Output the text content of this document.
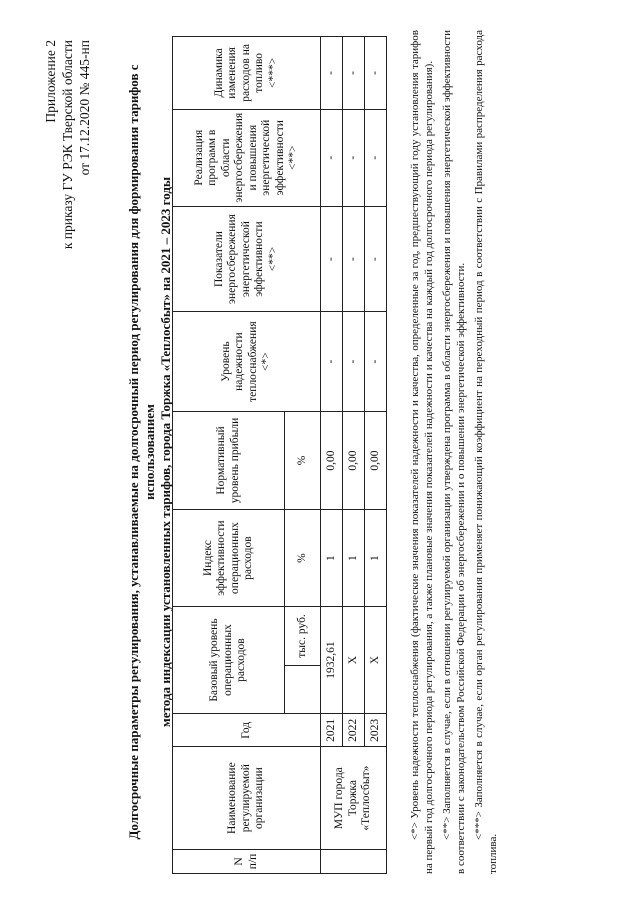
Приложение 2 к приказу ГУ РЭК Тверской области от 17.12.2020 № 445-нп	Долгосрочные параметры регулирования, устанавливаемые на долгосрочный период регулирования для формирования тарифов с использованием метода индексации установленных тарифов, города Торжка «Теплосбыт» на 2021 – 2023 годы
N п/п	Наименование регулируемой организации	Год	Базовый уровень операционных расходов		Индекс эффективности операционных расходов	Нормативный уровень прибыли	Уровень надежности теплоснабжения <*>	Показатели энергосбережения энергетической эффективности <**>	Реализация программ в области энергосбережения и повышения энергетической эффективности <**>	Динамика изменения расходов на топливо <***>
				тыс. руб.	%	%				
	МУП города Торжка «Теплосбыт»	2021	1932,61		1	0,00	-	-	-	-
		2022	Х		1	0,00	-	-	-	-
		2023	Х		1	0,00	-	-	-	-	<*> Уровень надежности теплоснабжения (фактические значения показателей надежности и качества, определенные за год, предшествующий году установления тарифов на первый год долгосрочного периода регулирования, а также плановые значения показателей надежности и качества на каждый год долгосрочного периода регулирования). <**> Заполняется в случае, если в отношении регулируемой организации утверждена программа в области энергосбережения и повышения энергетической эффективности в соответствии с законодательством Российской Федерации об энергосбережении и о повышении энергетической эффективности. <***> Заполняется в случае, если орган регулирования применяет понижающий коэффициент на переходный период в соответствии с Правилами распределения расхода топлива.
